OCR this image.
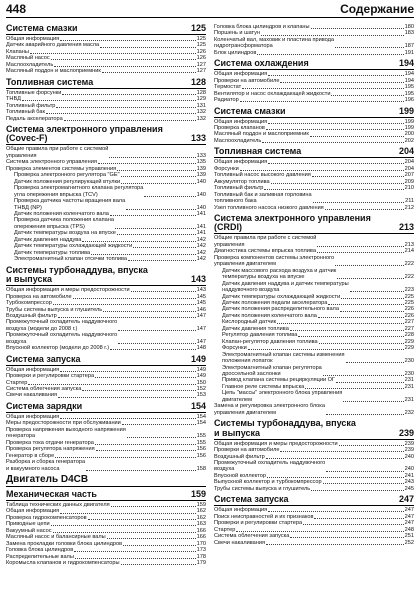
448	Содержание
Система смазки	125
Общая информация	125
Датчик аварийного давления масла	125
Клапаны	126
Масляный насос	126
Маслоохладитель	127
Масляный поддон и маслоприемник	127
Топливная система	128
Топливные форсунки	128
ТНВД	129
Топливный фильтр	131
Топливный бак	132
Педаль акселератора	132
Система электронного управления
(Covec-F)	133
Общие правила при работе с системой
управления	133
Система электронного управления	135
Проверка элементов системы управления	139
Проверка электронного регулятора "GE"	139
Датчик положения регулирующей втулки	140
Проверка электромагнитного клапана регулятора
угла опережения впрыска (TCV)	140
Проверка датчика частоты вращения вала
ТНВД (NP)	140
Датчик положения коленчатого вала	141
Проверка датчика положения клапана
опережения впрыска (TPS)	141
Датчик температуры воздуха на впуске	141
Датчик давления наддува	142
Датчик температуры охлаждающей жидкости	142
Датчик температуры топлива	142
Электромагнитный клапан отсечки топлива	142
Системы турбонаддува, впуска
и выпуска	143
Общая информация и меры предосторожности	143
Проверка на автомобиле	145
Турбокомпрессор	145
Трубы системы выпуска и глушитель	146
Воздушный фильтр	147
Промежуточный охладитель наддувочного
воздуха (модели до 2008 г.)	147
Промежуточный охладитель наддувочного
воздуха	147
Впускной коллектор (модели до 2008 г.)	148
Система запуска	149
Общая информация	149
Проверки и регулировки стартера	149
Стартер	150
Система облегчения запуска	152
Свечи накаливания	153
Система зарядки	154
Общая информация	154
Меры предосторожности при обслуживании	154
Проверка напряжения выходного напряжения
генератора	155
Проверка тока отдачи генератора	155
Проверка регулятора напряжения	156
Генератор в сборе	156
Разборка и сборка генератора
и вакуумного насоса	158
Двигатель D4CB
Механическая часть	159
Таблица технических данных двигателя	159
Общая информация	162
Проверка гидрокомпенсаторов	162
Приводные цепи	163
Вакуумный насос	166
Масляный насос и балансирные валы	166
Замена прокладки головки блока цилиндров	170
Головка блока цилиндров	173
Распределительные валы	178
Коромысла клапанов и гидрокомпенсаторы	179
Головка блока цилиндров и клапаны	180
Поршень и шатун	183
Коленчатый вал, маховик и пластина привода
гидротрансформатора	187
Блок цилиндров	191
Система охлаждения	194
Общая информация	194
Проверки на автомобиле	194
Термостат	195
Вентилятор и насос охлаждающей жидкости	195
Радиатор	196
Система смазки	199
Общая информация	199
Проверка клапанов	199
Масляный поддон и маслоприемник	200
Маслоохладитель	202
Топливная система	204
Общая информация	204
Форсунки	204
Топливный насос высокого давления	207
Аккумулятор топлива	209
Топливный фильтр	210
Топливный бак и заливная горловина
топливного бака	211
Узел топливного насоса низкого давления	212
Система электронного управления
(CRDI)	213
Общие правила при работе с системой
управления	213
Диагностика системы впрыска топлива	214
Проверка компонентов системы электронного
управления двигателем	222
Датчик массового расхода воздуха и датчик
температуры воздуха на впуске	222
Датчик давления наддува и датчик температуры
наддувочного воздуха	223
Датчик температуры охлаждающей жидкости	225
Датчик положения педали акселератора	225
Датчик положения распределительного вала	226
Датчик положения коленчатого вала	226
Кислородный датчик	227
Датчик давления топлива	227
Регулятор давления топлива	228
Клапан-регулятор давления топлива	229
Форсунки	229
Электромагнитный клапан системы изменения
положения лопаток	230
Электромагнитный клапан регулятора
дроссельной заслонки	230
Привод клапана системы рециркуляции ОГ	231
Главное реле системы впрыска	231
Цепь "массы" электронного блока управления
двигателем	231
Замена и регулировка электронного блока
управления двигателем	232
Системы турбонаддува, впуска
и выпуска	239
Общая информация и меры предосторожности	239
Проверки на автомобиле	239
Воздушный фильтр	240
Промежуточный охладитель наддувочного
воздуха	240
Впускной коллектор	241
Выпускной коллектор и турбокомпрессор	243
Трубы системы выпуска и глушитель	245
Система запуска	247
Общая информация	247
Поиск неисправностей и их признаков	247
Проверки и регулировки стартера	247
Стартер	248
Система облегчения запуска	251
Свечи накаливания	252
